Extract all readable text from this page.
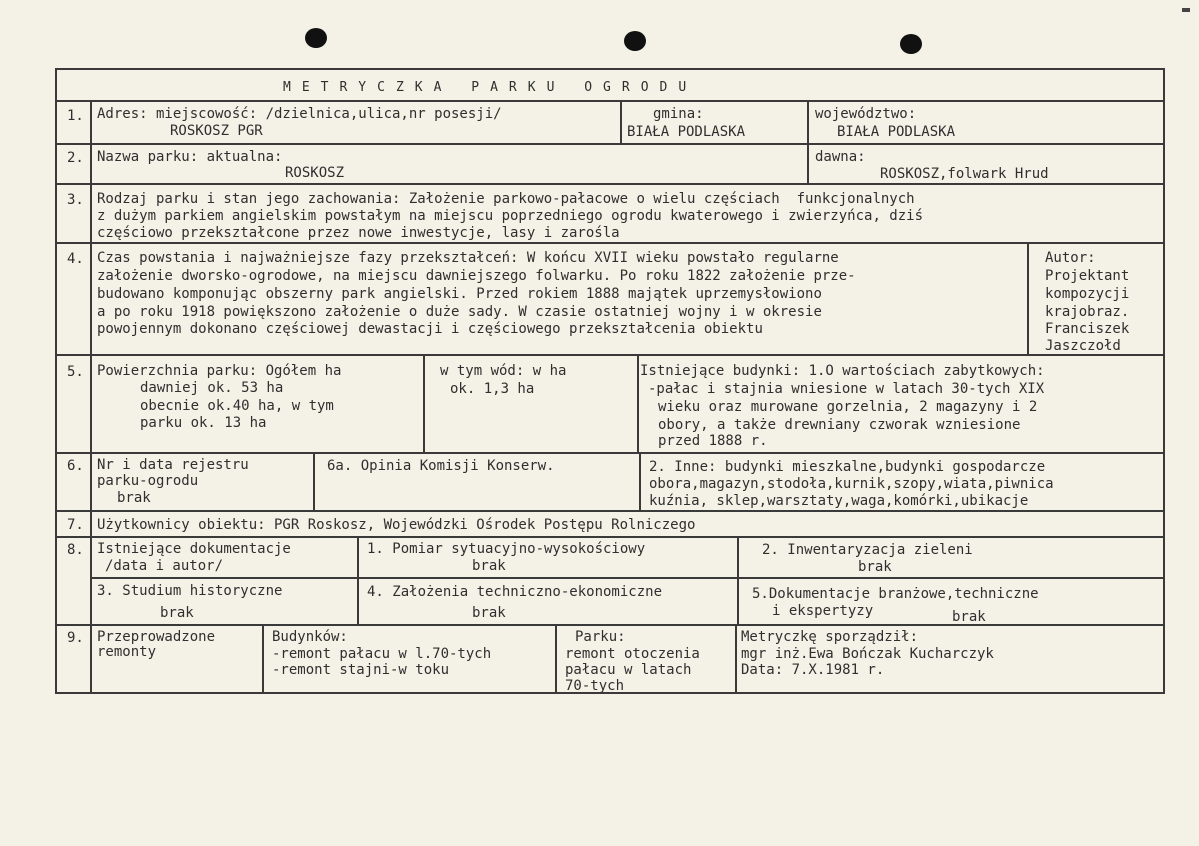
METRYCZKA PARKU OGRODU
1. Adres: miejscowość: /dzielnica,ulica,nr posesji/
ROSKOSZ PGR
gmina:
BIAŁA PODLASKA
województwo:
BIAŁA PODLASKA
2. Nazwa parku: aktualna:
ROSKOSZ
dawna:
ROSKOSZ,folwark Hrud
3. Rodzaj parku i stan jego zachowania: Założenie parkowo-pałacowe o wielu częściach  funkcjonalnych
z dużym parkiem angielskim powstałym na miejscu poprzedniego ogrodu kwaterowego i zwierzyńca, dziś
częściowo przekształcone przez nowe inwestycje, lasy i zarośla
4. Czas powstania i najważniejsze fazy przekształceń: W końcu XVII wieku powstało regularne
założenie dworsko-ogrodowe, na miejscu dawniejszego folwarku. Po roku 1822 założenie prze-
budowano komponując obszerny park angielski. Przed rokiem 1888 majątek uprzemysłowiono
a po roku 1918 powiększono założenie o duże sady. W czasie ostatniej wojny i w okresie
powojennym dokonano częściowej dewastacji i częściowego przekształcenia obiektu
Autor:
Projektant
kompozycji
krajobraz.
Franciszek
Jaszczołd
5. Powierzchnia parku: Ogółem ha
dawniej ok. 53 ha
obecnie ok.40 ha, w tym
parku ok. 13 ha
w tym wód: w ha
ok. 1,3 ha
Istniejące budynki: 1.O wartościach zabytkowych:
-pałac i stajnia wniesione w latach 30-tych XIX
wieku oraz murowane gorzelnia, 2 magazyny i 2
obory, a także drewniany czworak wzniesione
przed 1888 r.
6. Nr i data rejestru
parku-ogrodu
brak
6a. Opinia Komisji Konserw.	2. Inne: budynki mieszkalne,budynki gospodarcze
obora,magazyn,stodoła,kurnik,szopy,wiata,piwnica
kuźnia, sklep,warsztaty,waga,komórki,ubikacje
7. Użytkownicy obiektu: PGR Roskosz, Wojewódzki Ośrodek Postępu Rolniczego
8. Istniejące dokumentacje
/data i autor/
1. Pomiar sytuacyjno-wysokościowy
brak
2. Inwentaryzacja zieleni
brak
3. Studium historyczne
brak
4. Założenia techniczno-ekonomiczne
brak
5.Dokumentacje branżowe,techniczne
i ekspertyzy	brak
9. Przeprowadzone
remonty
Budynków:
-remont pałacu w l.70-tych
-remont stajni-w toku
Parku:
remont otoczenia
pałacu w latach
70-tych
Metryczkę sporządził:
mgr inż.Ewa Bończak Kucharczyk
Data: 7.X.1981 r.
